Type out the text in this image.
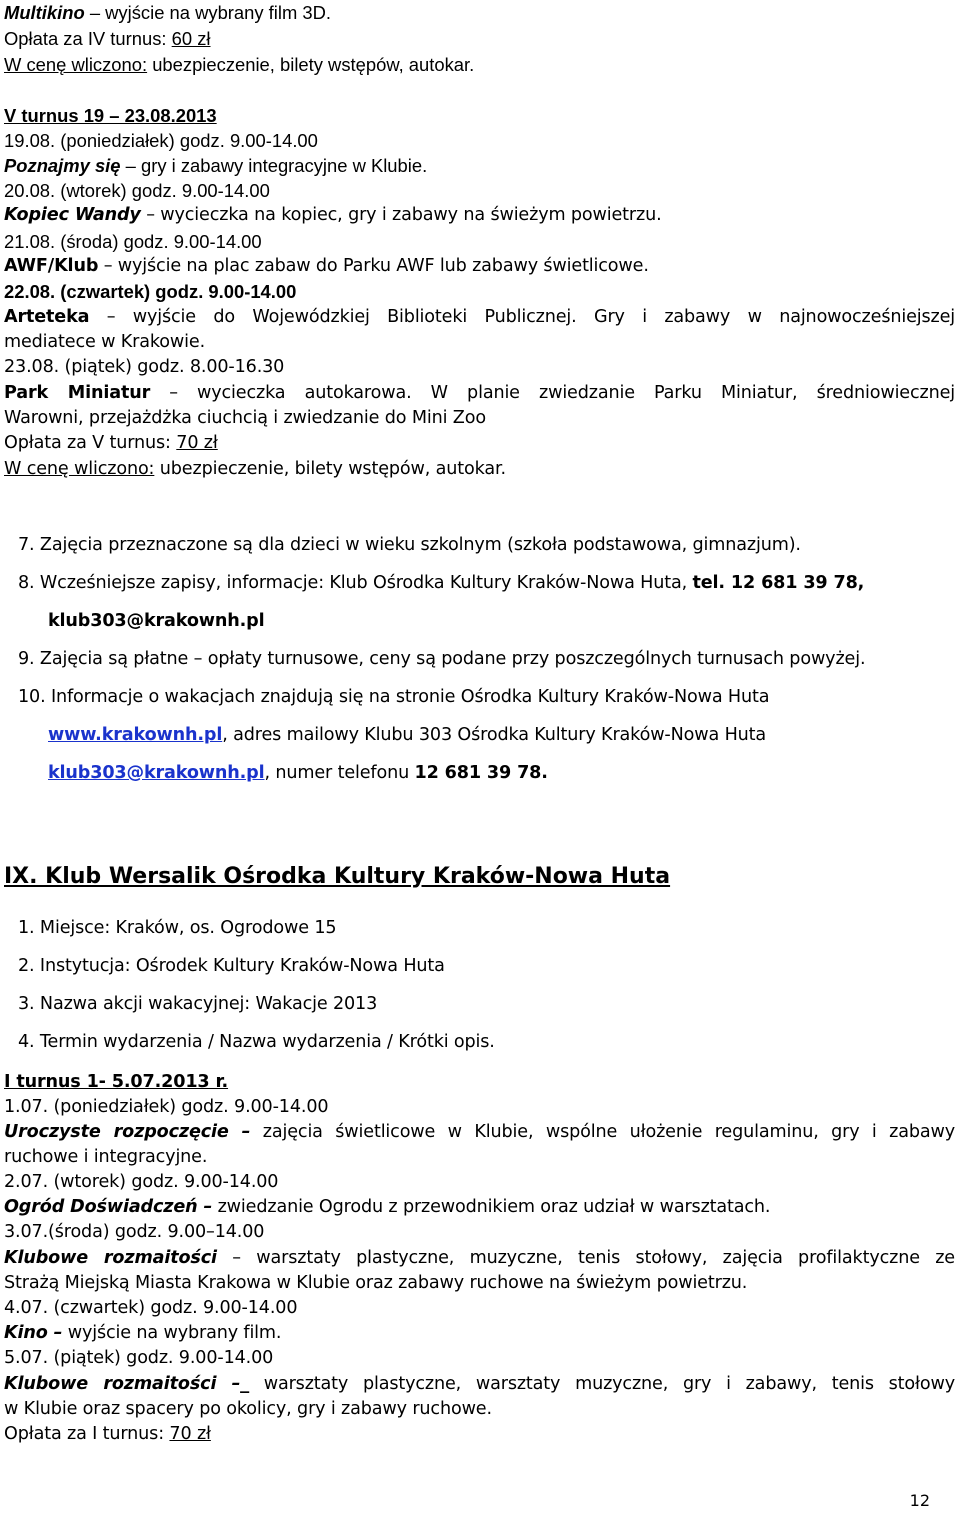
Multikino – wyjście na wybrany film 3D.
Opłata za IV turnus: 60 zł
W cenę wliczono: ubezpieczenie, bilety wstępów, autokar.
V turnus 19 – 23.08.2013
19.08. (poniedziałek) godz. 9.00-14.00
Poznajmy się – gry i zabawy integracyjne w Klubie.
20.08. (wtorek) godz. 9.00-14.00
Kopiec Wandy – wycieczka na kopiec, gry i zabawy na świeżym powietrzu.
21.08. (środa) godz. 9.00-14.00
AWF/Klub – wyjście na plac zabaw do Parku AWF lub zabawy świetlicowe.
22.08. (czwartek) godz. 9.00-14.00
Arteteka – wyjście do Wojewódzkiej Biblioteki Publicznej. Gry i zabawy w najnowocześniejszej
mediatece w Krakowie.
23.08. (piątek) godz. 8.00-16.30
Park Miniatur – wycieczka autokarowa. W planie zwiedzanie Parku Miniatur, średniowiecznej
Warowni, przejażdżka ciuchcią i zwiedzanie do Mini Zoo
Opłata za V turnus: 70 zł
W cenę wliczono: ubezpieczenie, bilety wstępów, autokar.
7. Zajęcia przeznaczone są dla dzieci w wieku szkolnym (szkoła podstawowa, gimnazjum).
8. Wcześniejsze zapisy, informacje: Klub Ośrodka Kultury Kraków-Nowa Huta, tel. 12 681 39 78,
klub303@krakownh.pl
9. Zajęcia są płatne – opłaty turnusowe, ceny są podane przy poszczególnych turnusach powyżej.
10. Informacje o wakacjach znajdują się na stronie Ośrodka Kultury Kraków-Nowa Huta
www.krakownh.pl, adres mailowy Klubu 303 Ośrodka Kultury Kraków-Nowa Huta
klub303@krakownh.pl, numer telefonu 12 681 39 78.
IX. Klub Wersalik Ośrodka Kultury Kraków-Nowa Huta
1. Miejsce: Kraków, os. Ogrodowe 15
2. Instytucja: Ośrodek Kultury Kraków-Nowa Huta
3. Nazwa akcji wakacyjnej: Wakacje 2013
4. Termin wydarzenia / Nazwa wydarzenia / Krótki opis.
I turnus 1- 5.07.2013 r.
1.07. (poniedziałek) godz. 9.00-14.00
Uroczyste rozpoczęcie – zajęcia świetlicowe w Klubie, wspólne ułożenie regulaminu, gry i zabawy
ruchowe i integracyjne.
2.07. (wtorek) godz. 9.00-14.00
Ogród Doświadczeń – zwiedzanie Ogrodu z przewodnikiem oraz udział w warsztatach.
3.07.(środa) godz. 9.00–14.00
Klubowe rozmaitości – warsztaty plastyczne, muzyczne, tenis stołowy, zajęcia profilaktyczne ze
Strażą Miejską Miasta Krakowa w Klubie oraz zabawy ruchowe na świeżym powietrzu.
4.07. (czwartek) godz. 9.00-14.00
Kino – wyjście na wybrany film.
5.07. (piątek) godz. 9.00-14.00
Klubowe rozmaitości –_ warsztaty plastyczne, warsztaty muzyczne, gry i zabawy, tenis stołowy
w Klubie oraz spacery po okolicy, gry i zabawy ruchowe.
Opłata za I turnus: 70 zł
12
